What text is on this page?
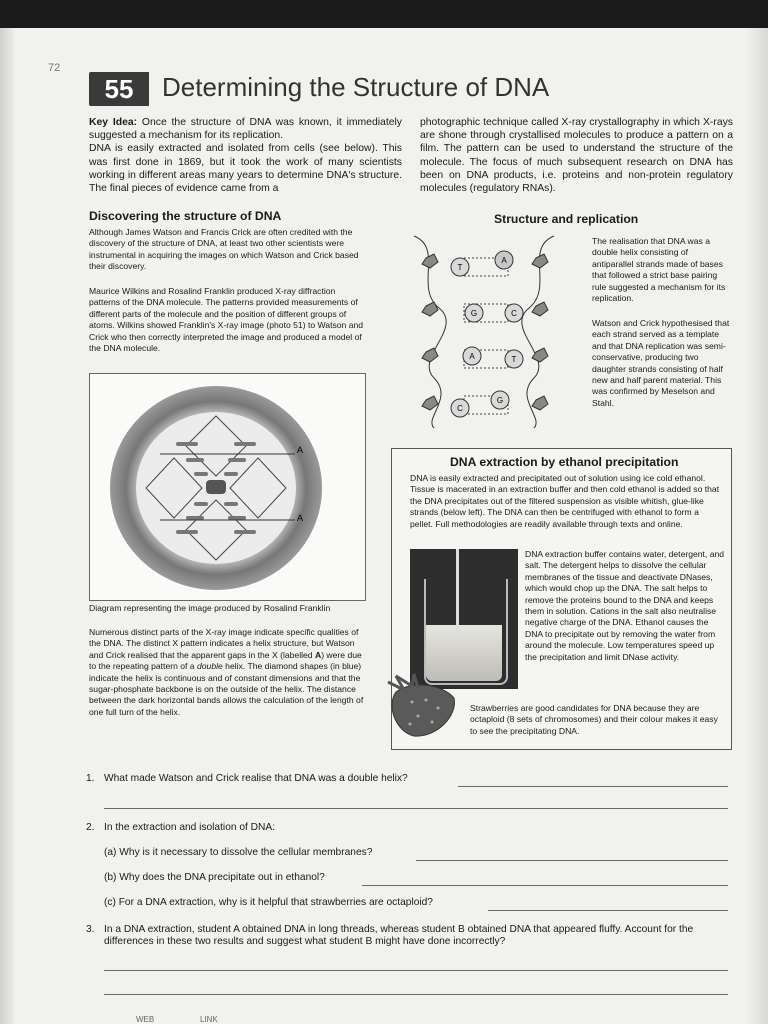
72
55	Determining the Structure of DNA
Key Idea: Once the structure of DNA was known, it immediately suggested a mechanism for its replication.
DNA is easily extracted and isolated from cells (see below). This was first done in 1869, but it took the work of many scientists working in different areas many years to determine DNA's structure. The final pieces of evidence came from a
photographic technique called X-ray crystallography in which X-rays are shone through crystallised molecules to produce a pattern on a film. The pattern can be used to understand the structure of the molecule. The focus of much subsequent research on DNA has been on DNA products, i.e. proteins and non-protein regulatory molecules (regulatory RNAs).
Discovering the structure of DNA
Although James Watson and Francis Crick are often credited with the discovery of the structure of DNA, at least two other scientists were instrumental in acquiring the images on which Watson and Crick based their discovery.
Maurice Wilkins and Rosalind Franklin produced X-ray diffraction patterns of the DNA molecule. The patterns provided measurements of different parts of the molecule and the position of different groups of atoms. Wilkins showed Franklin's X-ray image (photo 51) to Watson and Crick who then correctly interpreted the image and produced a model of the DNA molecule.
A
A
Diagram representing the image produced by Rosalind Franklin
Numerous distinct parts of the X-ray image indicate specific qualities of the DNA. The distinct X pattern indicates a helix structure, but Watson and Crick realised that the apparent gaps in the X (labelled A) were due to the repeating pattern of a double helix. The diamond shapes (in blue) indicate the helix is continuous and of constant dimensions and that the sugar-phosphate backbone is on the outside of the helix. The distance between the dark horizontal bands allows the calculation of the length of one full turn of the helix.
Structure and replication
T
A
G	C
A	T
C
G
The realisation that DNA was a double helix consisting of antiparallel strands made of bases that followed a strict base pairing rule suggested a mechanism for its replication.
Watson and Crick hypothesised that each strand served as a template and that DNA replication was semi-conservative, producing two daughter strands consisting of half new and half parent material. This was confirmed by Meselson and Stahl.
DNA extraction by ethanol precipitation
DNA is easily extracted and precipitated out of solution using ice cold ethanol. Tissue is macerated in an extraction buffer and then cold ethanol is added so that the DNA precipitates out of the filtered suspension as visible whitish, glue-like strands (below left). The DNA can then be centrifuged with ethanol to form a pellet. Full methodologies are readily available through texts and online.
DNA extraction buffer contains water, detergent, and salt. The detergent helps to dissolve the cellular membranes of the tissue and deactivate DNases, which would chop up the DNA. The salt helps to remove the proteins bound to the DNA and keeps them in solution. Cations in the salt also neutralise negative charge of the DNA. Ethanol causes the DNA to precipitate out by removing the water from around the molecule. Low temperatures speed up the precipitation and limit DNase activity.
Strawberries are good candidates for DNA because they are octaploid (8 sets of chromosomes) and their colour makes it easy to see the precipitating DNA.
1. What made Watson and Crick realise that DNA was a double helix?
2. In the extraction and isolation of DNA:
(a) Why is it necessary to dissolve the cellular membranes?
(b) Why does the DNA precipitate out in ethanol?
(c) For a DNA extraction, why is it helpful that strawberries are octaploid?
3. In a DNA extraction, student A obtained DNA in long threads, whereas student B obtained DNA that appeared fluffy. Account for the differences in these two results and suggest what student B might have done incorrectly?
WEB	LINK
